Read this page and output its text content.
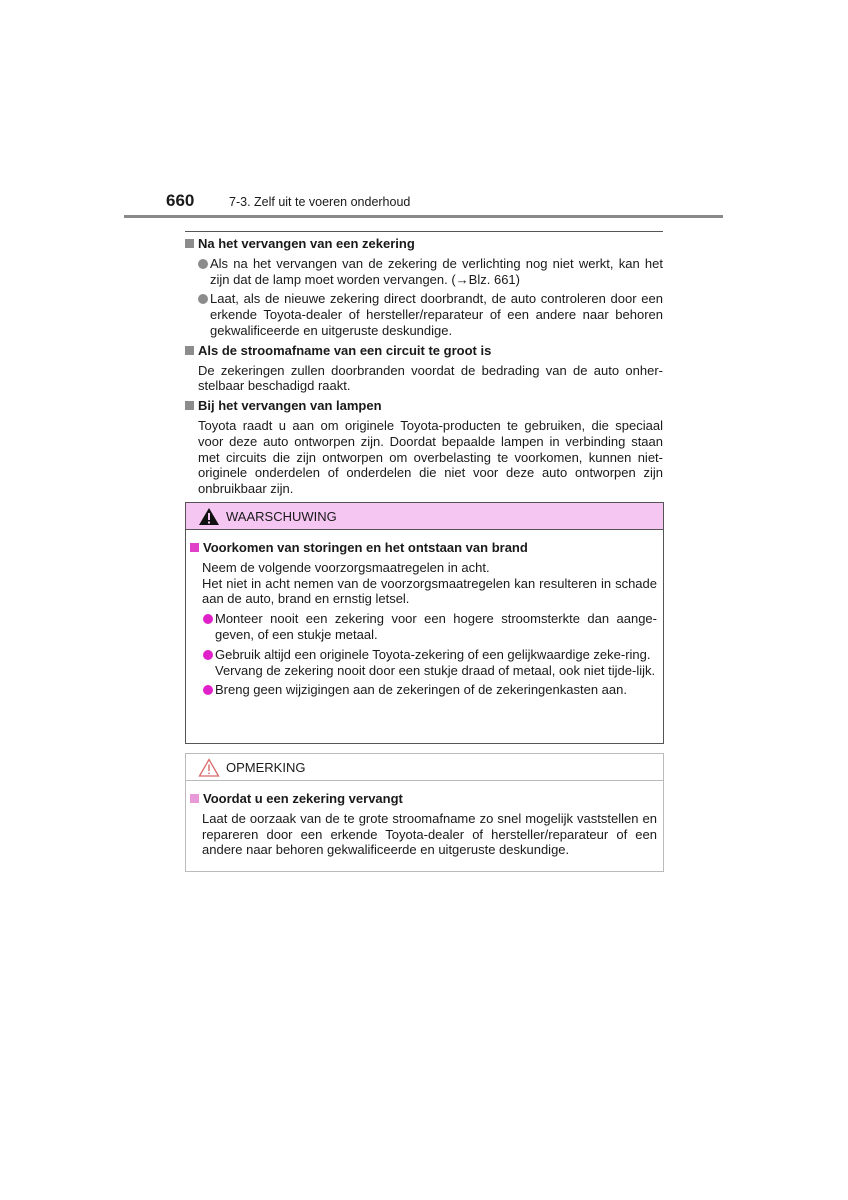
660	7-3. Zelf uit te voeren onderhoud
Na het vervangen van een zekering
Als na het vervangen van de zekering de verlichting nog niet werkt, kan het zijn dat de lamp moet worden vervangen. (→Blz. 661)
Laat, als de nieuwe zekering direct doorbrandt, de auto controleren door een erkende Toyota-dealer of hersteller/reparateur of een andere naar behoren gekwalificeerde en uitgeruste deskundige.
Als de stroomafname van een circuit te groot is
De zekeringen zullen doorbranden voordat de bedrading van de auto onher-stelbaar beschadigd raakt.
Bij het vervangen van lampen
Toyota raadt u aan om originele Toyota-producten te gebruiken, die speciaal voor deze auto ontworpen zijn. Doordat bepaalde lampen in verbinding staan met circuits die zijn ontworpen om overbelasting te voorkomen, kunnen niet-originele onderdelen of onderdelen die niet voor deze auto ontworpen zijn onbruikbaar zijn.
WAARSCHUWING
Voorkomen van storingen en het ontstaan van brand
Neem de volgende voorzorgsmaatregelen in acht.
Het niet in acht nemen van de voorzorgsmaatregelen kan resulteren in schade aan de auto, brand en ernstig letsel.
Monteer nooit een zekering voor een hogere stroomsterkte dan aange-geven, of een stukje metaal.
Gebruik altijd een originele Toyota-zekering of een gelijkwaardige zeke-ring.
Vervang de zekering nooit door een stukje draad of metaal, ook niet tijde-lijk.
Breng geen wijzigingen aan de zekeringen of de zekeringenkasten aan.
OPMERKING
Voordat u een zekering vervangt
Laat de oorzaak van de te grote stroomafname zo snel mogelijk vaststellen en repareren door een erkende Toyota-dealer of hersteller/reparateur of een andere naar behoren gekwalificeerde en uitgeruste deskundige.
